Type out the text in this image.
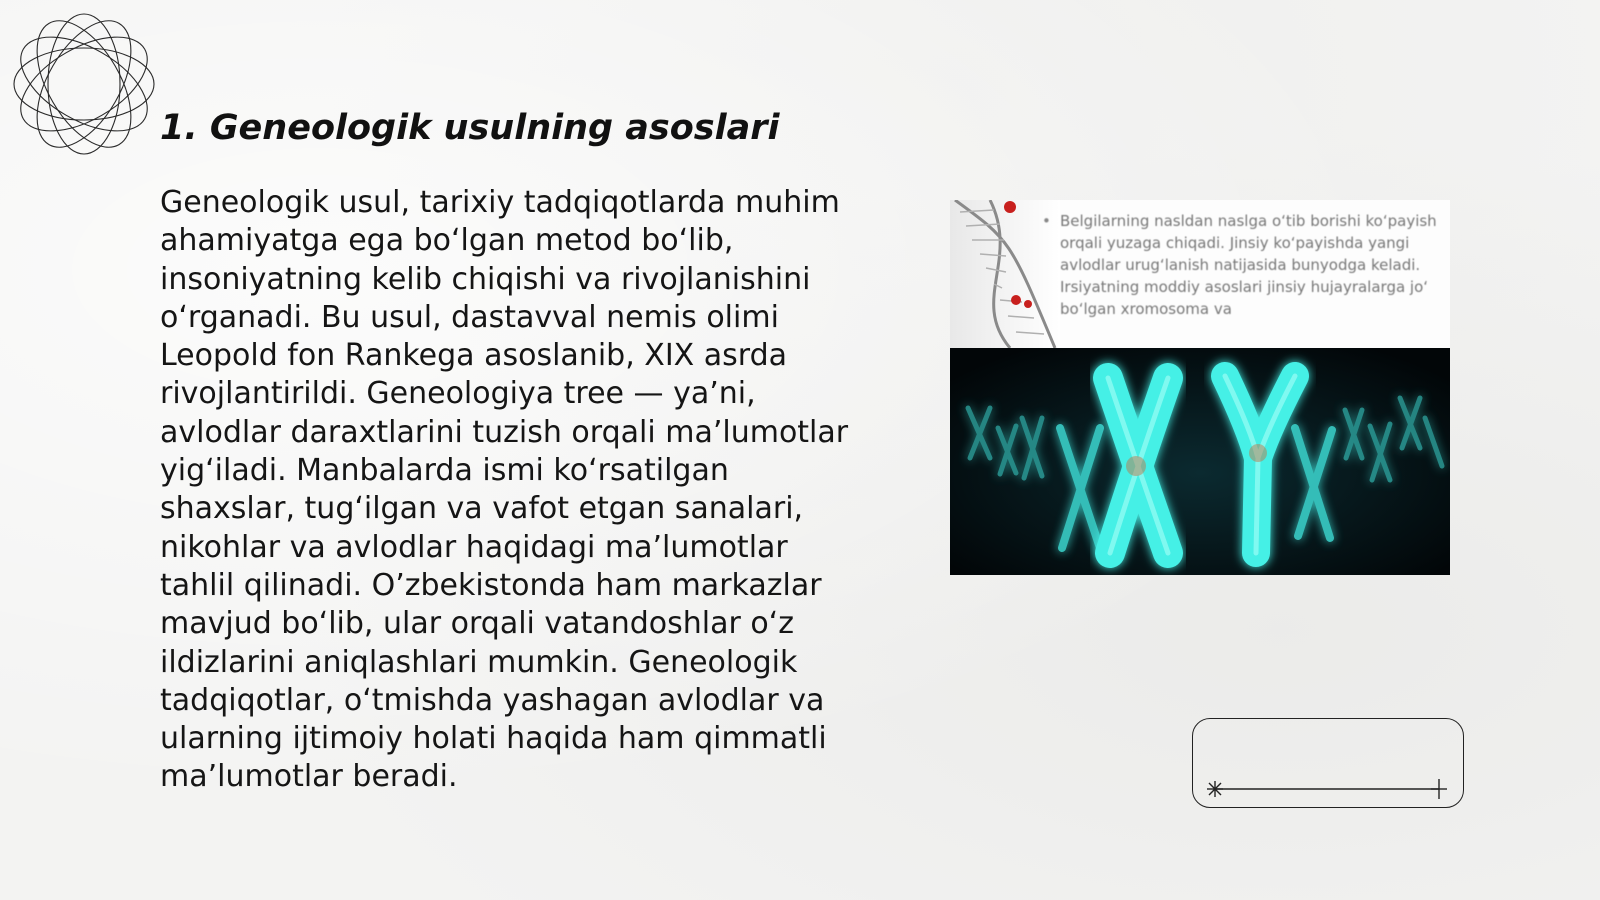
1. Geneologik usulning asoslari

Geneologik usul, tarixiy tadqiqotlarda muhim ahamiyatga ega bo‘lgan metod bo‘lib, insoniyatning kelib chiqishi va rivojlanishini o‘rganadi. Bu usul, dastavval nemis olimi Leopold fon Rankega asoslanib, XIX asrda rivojlantirildi. Geneologiya tree — ya’ni, avlodlar daraxtlarini tuzish orqali ma’lumotlar yig‘iladi. Manbalarda ismi ko‘rsatilgan shaxslar, tug‘ilgan va vafot etgan sanalari, nikohlar va avlodlar haqidagi ma’lumotlar tahlil qilinadi. O’zbekistonda ham markazlar mavjud bo‘lib, ular orqali vatandoshlar o‘z ildizlarini aniqlashlari mumkin. Geneologik tadqiqotlar, o‘tmishda yashagan avlodlar va ularning ijtimoiy holati haqida ham qimmatli ma’lumotlar beradi.

• Belgilarning nasldan naslga o‘tib borishi ko‘payish orqali yuzaga chiqadi. Jinsiy ko‘payishda yangi avlodlar urug‘lanish natijasida bunyodga keladi. Irsiyatning moddiy asoslari jinsiy hujayralarga jo‘ bo‘lgan xromosoma va
